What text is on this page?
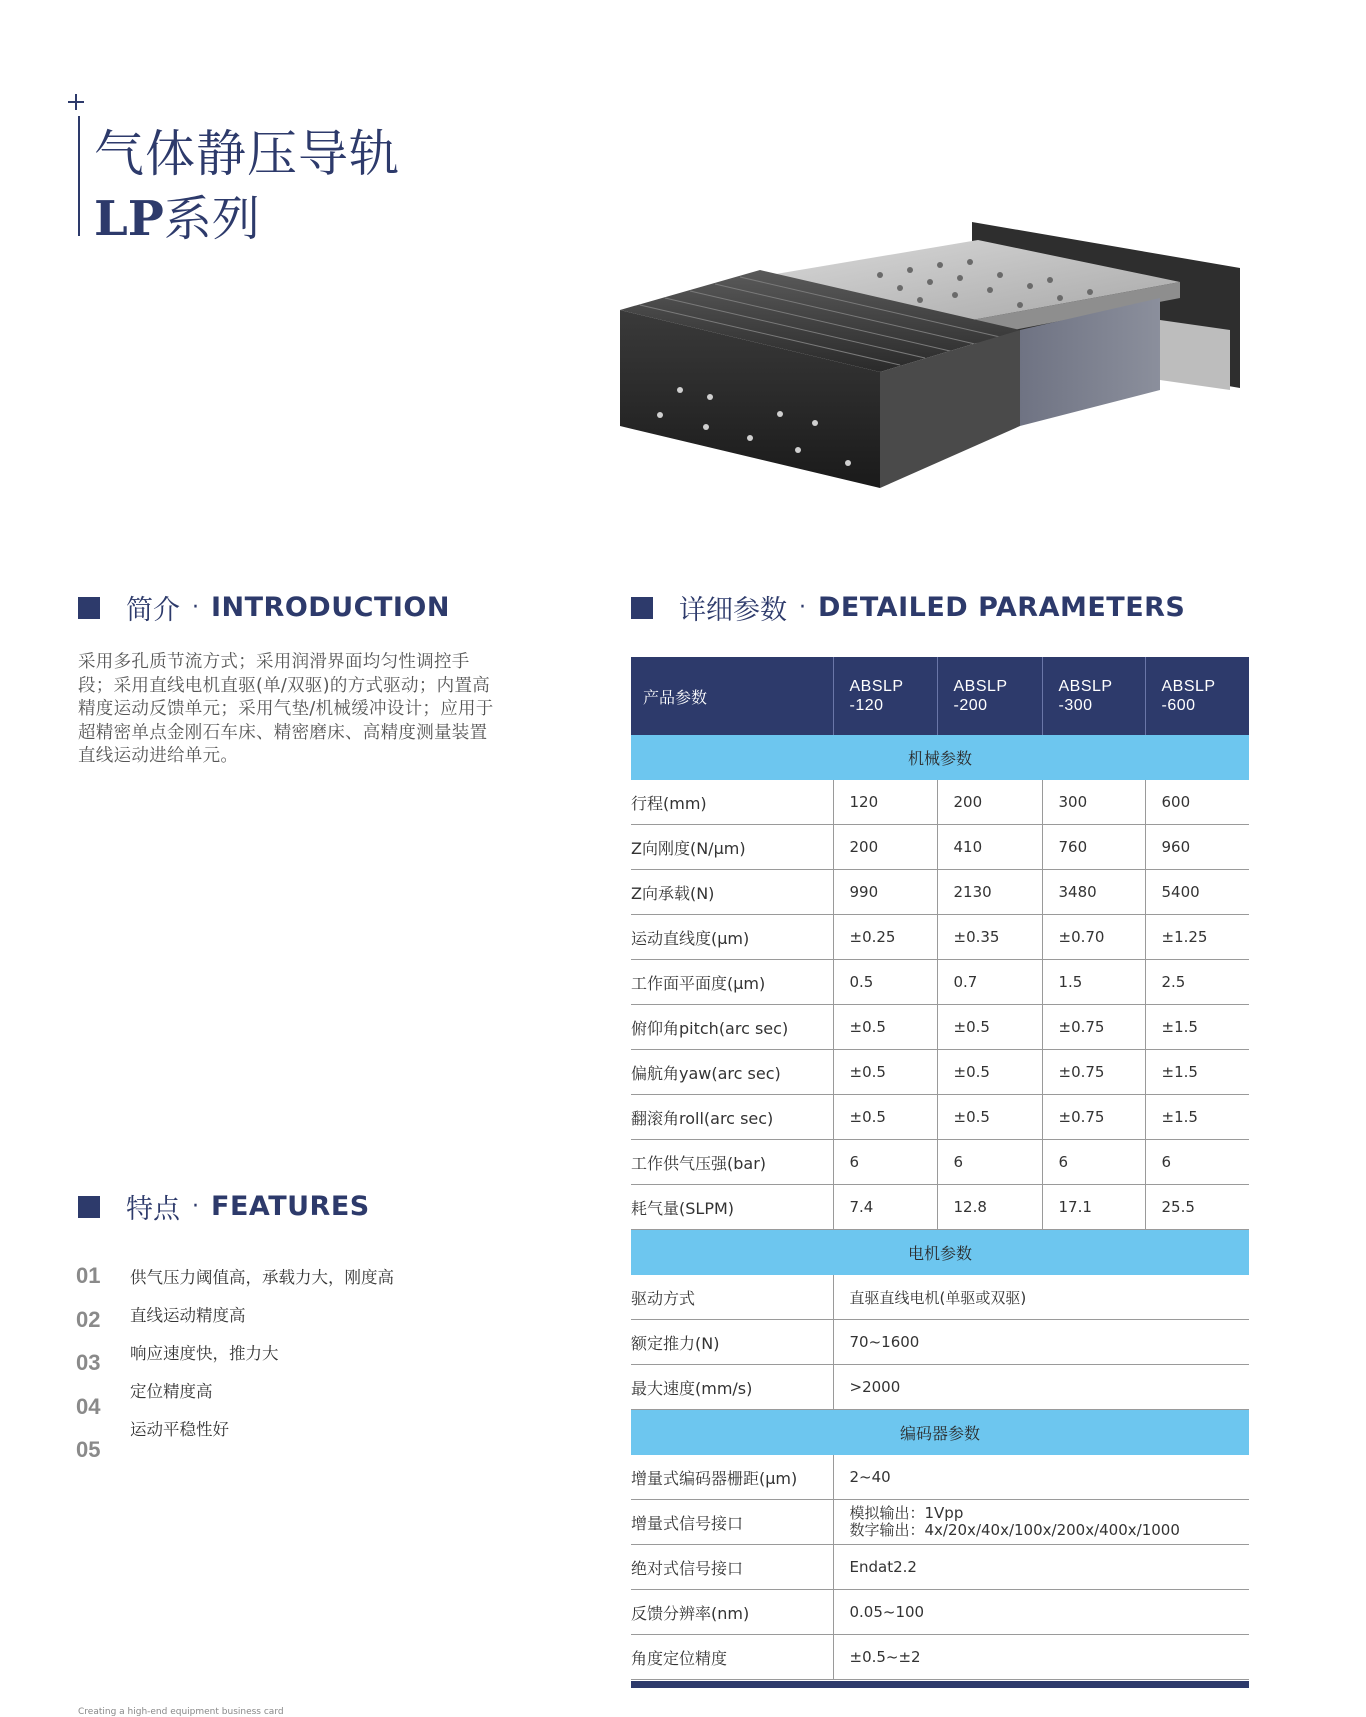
气体静压导轨
LP系列
简介 · INTRODUCTION
采用多孔质节流方式；采用润滑界面均匀性调控手段；采用直线电机直驱(单/双驱)的方式驱动；内置高精度运动反馈单元；采用气垫/机械缓冲设计；应用于超精密单点金刚石车床、精密磨床、高精度测量装置直线运动进给单元。
特点 · FEATURES
01
02
03
04
05
供气压力阈值高，承载力大，刚度高
直线运动精度高
响应速度快，推力大
定位精度高
运动平稳性好
详细参数 · DETAILED PARAMETERS
产品参数	ABSLP -120	ABSLP -200	ABSLP -300	ABSLP -600
机械参数				
行程(mm)	120	200	300	600
Z向刚度(N/μm)	200	410	760	960
Z向承载(N)	990	2130	3480	5400
运动直线度(μm)	±0.25	±0.35	±0.70	±1.25
工作面平面度(μm)	0.5	0.7	1.5	2.5
俯仰角pitch(arc sec)	±0.5	±0.5	±0.75	±1.5
偏航角yaw(arc sec)	±0.5	±0.5	±0.75	±1.5
翻滚角roll(arc sec)	±0.5	±0.5	±0.75	±1.5
工作供气压强(bar)	6	6	6	6
耗气量(SLPM)	7.4	12.8	17.1	25.5
电机参数				
驱动方式	直驱直线电机(单驱或双驱)			
额定推力(N)	70~1600			
最大速度(mm/s)	>2000			
编码器参数				
增量式编码器栅距(μm)	2~40			
增量式信号接口	模拟输出：1Vpp
数字输出：4x/20x/40x/100x/200x/400x/1000			

绝对式信号接口	Endat2.2			
反馈分辨率(nm)	0.05~100			
角度定位精度	±0.5~±2			
Creating a high-end equipment business card
